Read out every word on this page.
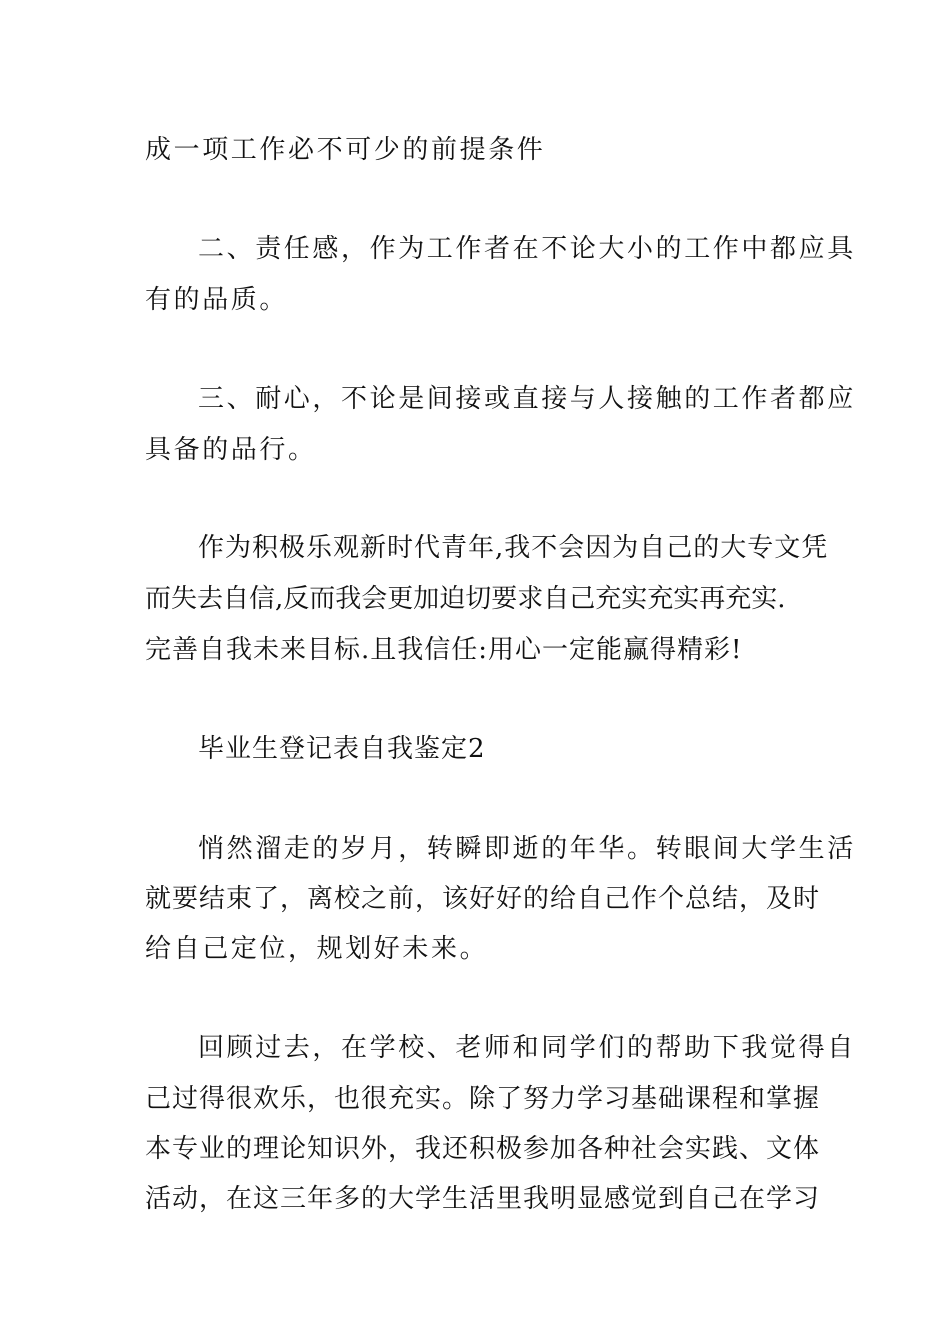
成一项工作必不可少的前提条件
二、责任感，作为工作者在不论大小的工作中都应具
有的品质。
三、耐心，不论是间接或直接与人接触的工作者都应
具备的品行。
作为积极乐观新时代青年,我不会因为自己的大专文凭
而失去自信,反而我会更加迫切要求自己充实充实再充实.
完善自我未来目标.且我信任:用心一定能赢得精彩!
毕业生登记表自我鉴定2
悄然溜走的岁月，转瞬即逝的年华。转眼间大学生活
就要结束了，离校之前，该好好的给自己作个总结，及时
给自己定位，规划好未来。
回顾过去，在学校、老师和同学们的帮助下我觉得自
己过得很欢乐，也很充实。除了努力学习基础课程和掌握
本专业的理论知识外，我还积极参加各种社会实践、文体
活动，在这三年多的大学生活里我明显感觉到自己在学习
